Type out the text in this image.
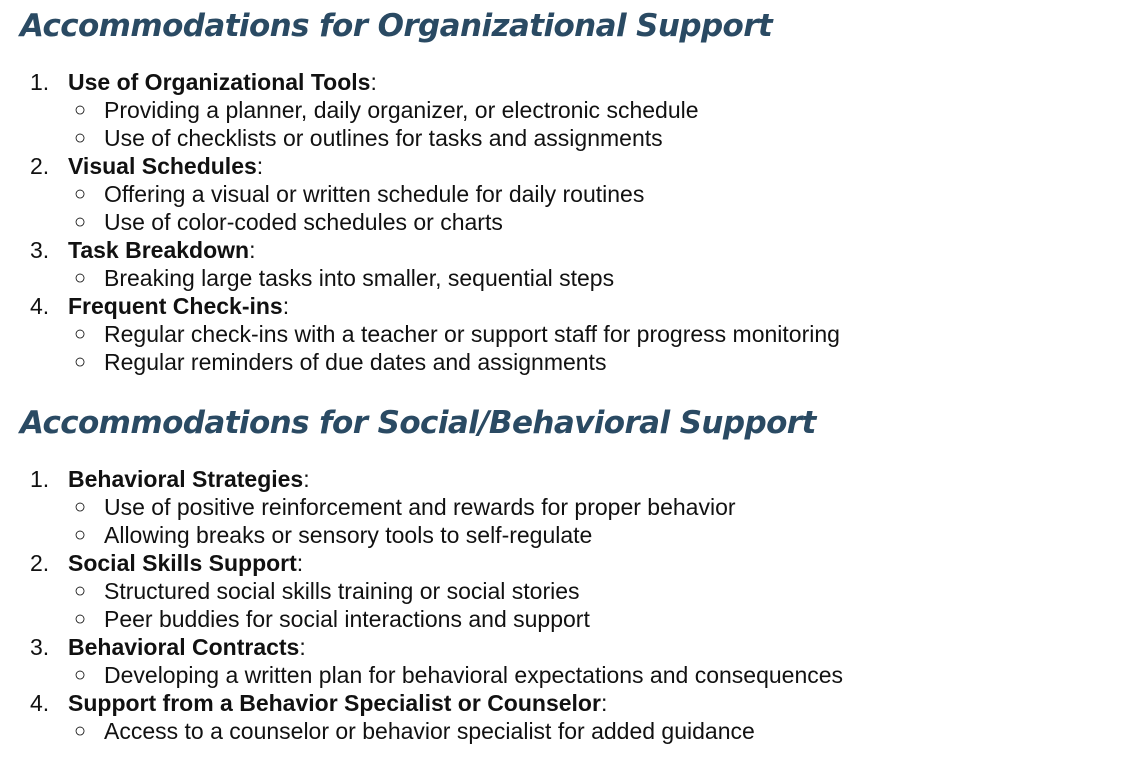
Accommodations for Organizational Support
1. Use of Organizational Tools:
○ Providing a planner, daily organizer, or electronic schedule
○ Use of checklists or outlines for tasks and assignments
2. Visual Schedules:
○ Offering a visual or written schedule for daily routines
○ Use of color-coded schedules or charts
3. Task Breakdown:
○ Breaking large tasks into smaller, sequential steps
4. Frequent Check-ins:
○ Regular check-ins with a teacher or support staff for progress monitoring
○ Regular reminders of due dates and assignments
Accommodations for Social/Behavioral Support
1. Behavioral Strategies:
○ Use of positive reinforcement and rewards for proper behavior
○ Allowing breaks or sensory tools to self-regulate
2. Social Skills Support:
○ Structured social skills training or social stories
○ Peer buddies for social interactions and support
3. Behavioral Contracts:
○ Developing a written plan for behavioral expectations and consequences
4. Support from a Behavior Specialist or Counselor:
○ Access to a counselor or behavior specialist for added guidance
